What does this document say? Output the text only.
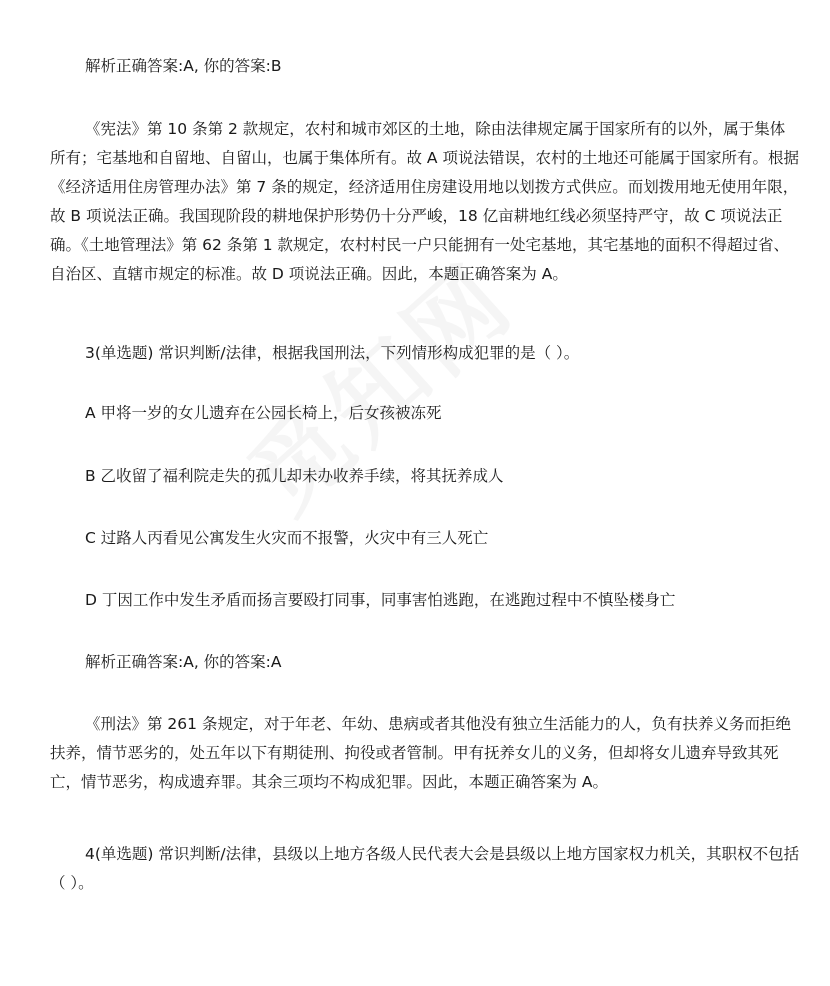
解析正确答案:A, 你的答案:B

《宪法》第 10 条第 2 款规定，农村和城市郊区的土地，除由法律规定属于国家所有的以外，属于集体所有；宅基地和自留地、自留山，也属于集体所有。故 A 项说法错误，农村的土地还可能属于国家所有。根据《经济适用住房管理办法》第 7 条的规定，经济适用住房建设用地以划拨方式供应。而划拨用地无使用年限，故 B 项说法正确。我国现阶段的耕地保护形势仍十分严峻，18 亿亩耕地红线必须坚持严守，故 C 项说法正确。《土地管理法》第 62 条第 1 款规定，农村村民一户只能拥有一处宅基地，其宅基地的面积不得超过省、自治区、直辖市规定的标准。故 D 项说法正确。因此，本题正确答案为 A。

3(单选题) 常识判断/法律，根据我国刑法，下列情形构成犯罪的是（ ）。

A 甲将一岁的女儿遗弃在公园长椅上，后女孩被冻死

B 乙收留了福利院走失的孤儿却未办收养手续，将其抚养成人

C 过路人丙看见公寓发生火灾而不报警，火灾中有三人死亡

D 丁因工作中发生矛盾而扬言要殴打同事，同事害怕逃跑，在逃跑过程中不慎坠楼身亡

解析正确答案:A, 你的答案:A

《刑法》第 261 条规定，对于年老、年幼、患病或者其他没有独立生活能力的人，负有扶养义务而拒绝扶养，情节恶劣的，处五年以下有期徒刑、拘役或者管制。甲有抚养女儿的义务，但却将女儿遗弃导致其死亡，情节恶劣，构成遗弃罪。其余三项均不构成犯罪。因此，本题正确答案为 A。

4(单选题) 常识判断/法律，县级以上地方各级人民代表大会是县级以上地方国家权力机关，其职权不包括（ ）。
